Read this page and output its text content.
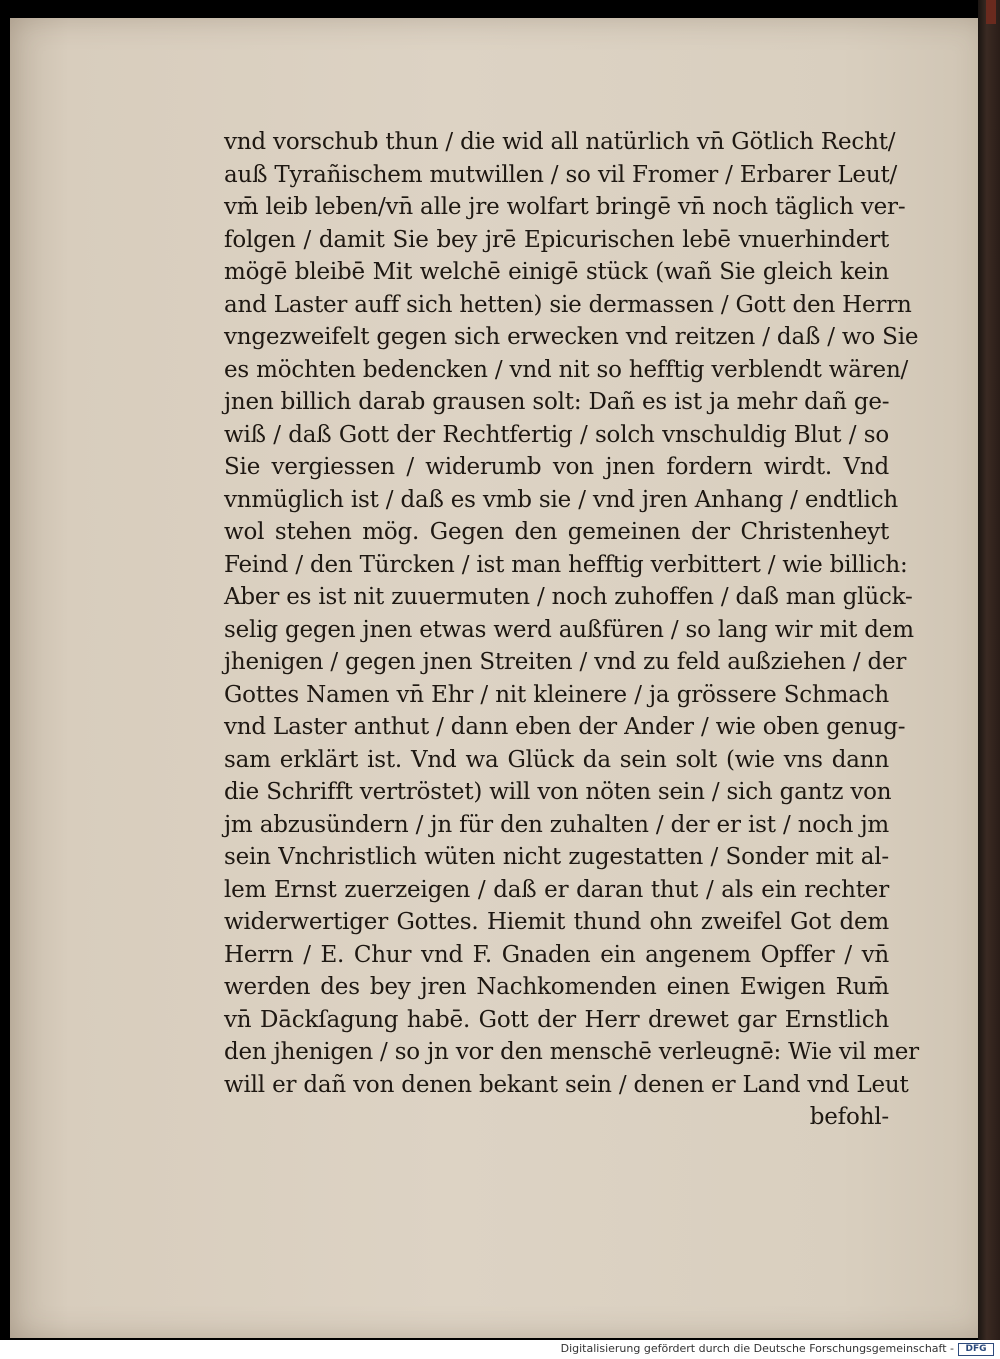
vnd vorschub thun / die wid all natürlich vn̄ Götlich Recht/
auß Tyrañischem mutwillen / so vil Fromer / Erbarer Leut/
vm̄ leib leben/vn̄ alle jre wolfart bringē vn̄ noch täglich ver-
folgen / damit Sie bey jrē Epicurischen lebē vnuerhindert
mögē bleibē Mit welchē einigē stück (wañ Sie gleich kein
and Laster auff sich hetten) sie dermassen / Gott den Herrn
vngezweifelt gegen sich erwecken vnd reitzen / daß / wo Sie
es möchten bedencken / vnd nit so hefftig verblendt wären/
jnen billich darab grausen solt: Dañ es ist ja mehr dañ ge-
wiß / daß Gott der Rechtfertig / solch vnschuldig Blut / so
Sie vergiessen / widerumb von jnen fordern wirdt. Vnd
vnmüglich ist / daß es vmb sie / vnd jren Anhang / endtlich
wol stehen mög. Gegen den gemeinen der Christenheyt
Feind / den Türcken / ist man hefftig verbittert / wie billich:
Aber es ist nit zuuermuten / noch zuhoffen / daß man glück-
selig gegen jnen etwas werd außfüren / so lang wir mit dem
jhenigen / gegen jnen Streiten / vnd zu feld außziehen / der
Gottes Namen vn̄ Ehr / nit kleinere / ja grössere Schmach
vnd Laster anthut / dann eben der Ander / wie oben genug-
sam erklärt ist. Vnd wa Glück da sein solt (wie vns dann
die Schrifft vertröstet) will von nöten sein / sich gantz von
jm abzusündern / jn für den zuhalten / der er ist / noch jm
sein Vnchristlich wüten nicht zugestatten / Sonder mit al-
lem Ernst zuerzeigen / daß er daran thut / als ein rechter
widerwertiger Gottes. Hiemit thund ohn zweifel Got dem
Herrn / E. Chur vnd F. Gnaden ein angenem Opffer / vn̄
werden des bey jren Nachkomenden einen Ewigen Rum̄
vn̄ Dāckſagung habē. Gott der Herr drewet gar Ernstlich
den jhenigen / so jn vor den menschē verleugnē: Wie vil mer
will er dañ von denen bekant sein / denen er Land vnd Leut
befohl-
Digitalisierung gefördert durch die Deutsche Forschungsgemeinschaft -	DFG
